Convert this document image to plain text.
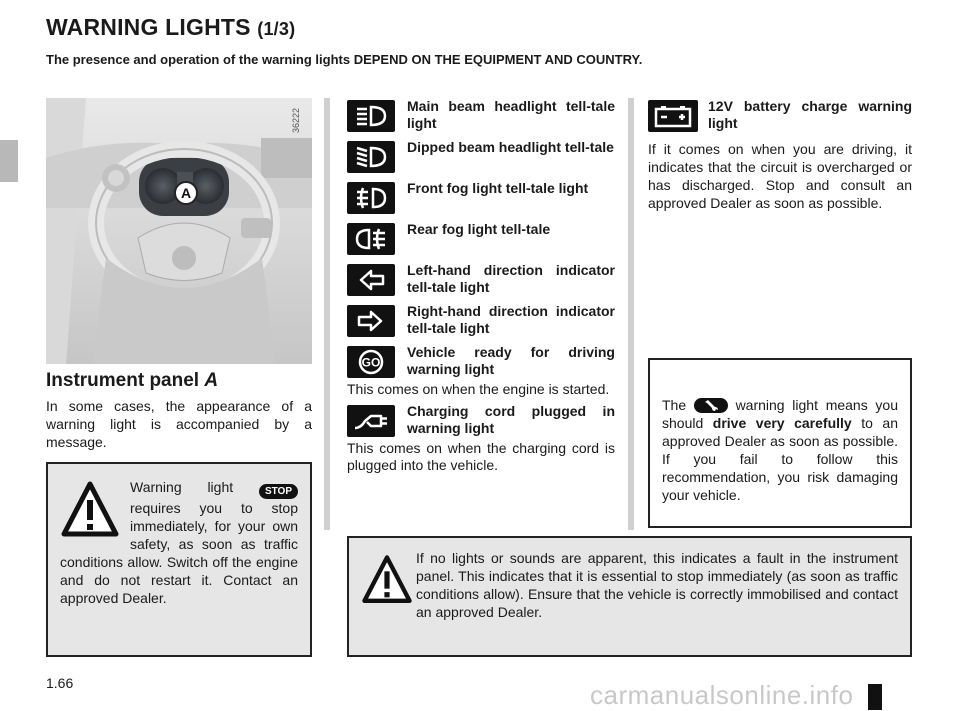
WARNING LIGHTS (1/3)
The presence and operation of the warning lights DEPEND ON THE EQUIPMENT AND COUNTRY.
A
36222
Instrument panel A
In some cases, the appearance of a warning light is accompanied by a message.
Warning light	STOP requires you to stop immediately, for your own safety, as soon as traffic conditions allow. Switch off the engine and do not restart it. Contact an approved Dealer.
Main beam headlight tell-tale light
Dipped beam headlight tell-tale
Front fog light tell-tale light
Rear fog light tell-tale
Left-hand direction indicator tell-tale light
Right-hand direction indicator tell-tale light
GO
Vehicle ready for driving warning light
This comes on when the engine is started.
Charging cord plugged in warning light
This comes on when the charging cord is plugged into the vehicle.
12V battery charge warning light
If it comes on when you are driving, it indicates that the circuit is overcharged or has discharged. Stop and consult an approved Dealer as soon as possible.
The	warning light means you should drive very carefully to an approved Dealer as soon as possible. If you fail to follow this recommendation, you risk damaging your vehicle.
If no lights or sounds are apparent, this indicates a fault in the instrument panel. This indicates that it is essential to stop immediately (as soon as traffic conditions allow). Ensure that the vehicle is correctly immobilised and contact an approved Dealer.
1.66	carmanualsonline.info
